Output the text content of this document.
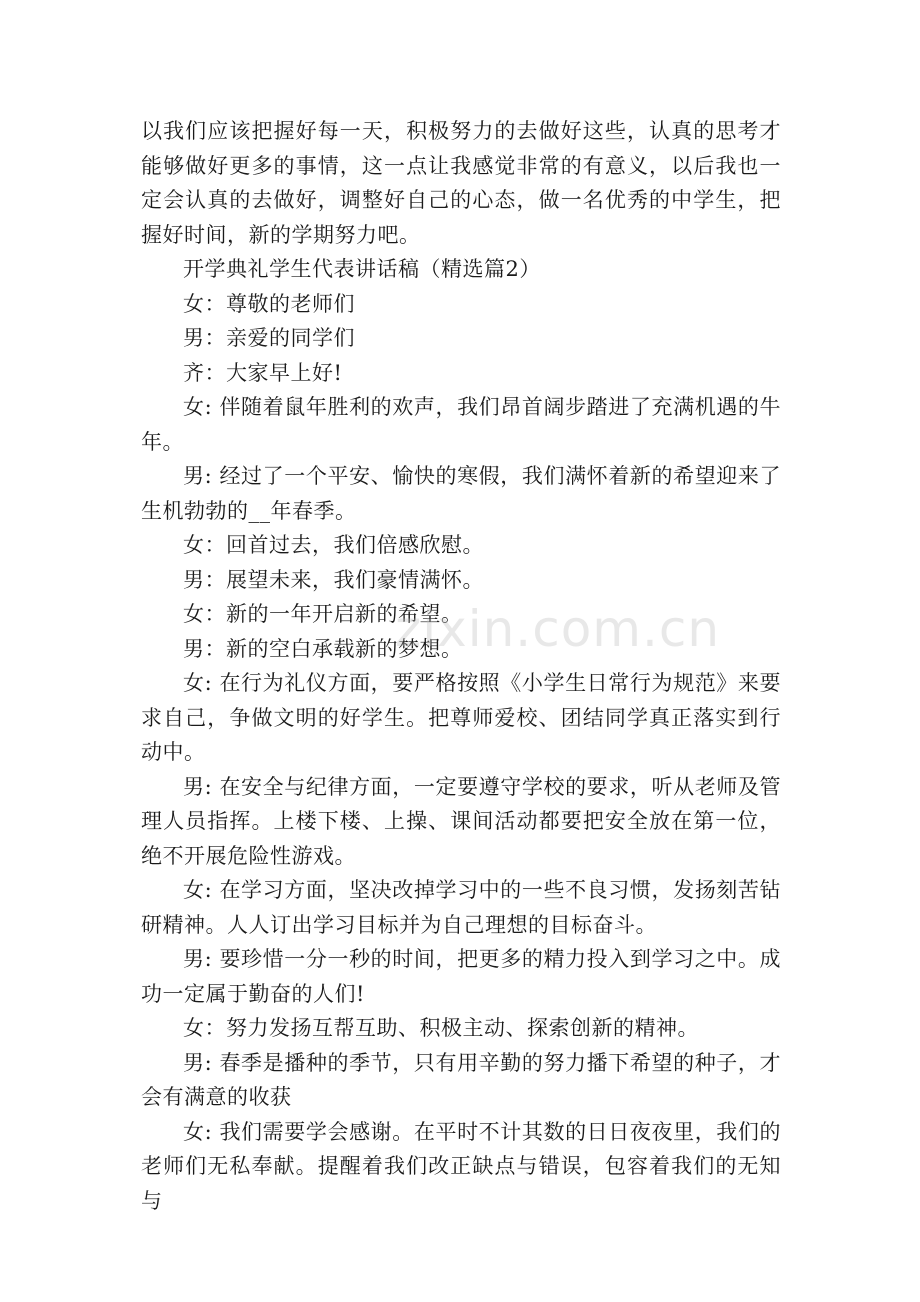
以我们应该把握好每一天，积极努力的去做好这些，认真的思考才能够做好更多的事情，这一点让我感觉非常的有意义，以后我也一定会认真的去做好，调整好自己的心态，做一名优秀的中学生，把握好时间，新的学期努力吧。

开学典礼学生代表讲话稿（精选篇2）

女：尊敬的老师们

男：亲爱的同学们

齐：大家早上好!

女: 伴随着鼠年胜利的欢声，我们昂首阔步踏进了充满机遇的牛年。

男: 经过了一个平安、愉快的寒假，我们满怀着新的希望迎来了生机勃勃的__年春季。

女：回首过去，我们倍感欣慰。

男：展望未来，我们豪情满怀。

女：新的一年开启新的希望。

男：新的空白承载新的梦想。

女: 在行为礼仪方面，要严格按照《小学生日常行为规范》来要求自己，争做文明的好学生。把尊师爱校、团结同学真正落实到行动中。

男: 在安全与纪律方面，一定要遵守学校的要求，听从老师及管理人员指挥。上楼下楼、上操、课间活动都要把安全放在第一位，绝不开展危险性游戏。

女: 在学习方面，坚决改掉学习中的一些不良习惯，发扬刻苦钻研精神。人人订出学习目标并为自己理想的目标奋斗。

男: 要珍惜一分一秒的时间，把更多的精力投入到学习之中。成功一定属于勤奋的人们!

女：努力发扬互帮互助、积极主动、探索创新的精神。

男: 春季是播种的季节，只有用辛勤的努力播下希望的种子，才会有满意的收获

女: 我们需要学会感谢。在平时不计其数的日日夜夜里，我们的老师们无私奉献。提醒着我们改正缺点与错误，包容着我们的无知与

zixin.com.cn
